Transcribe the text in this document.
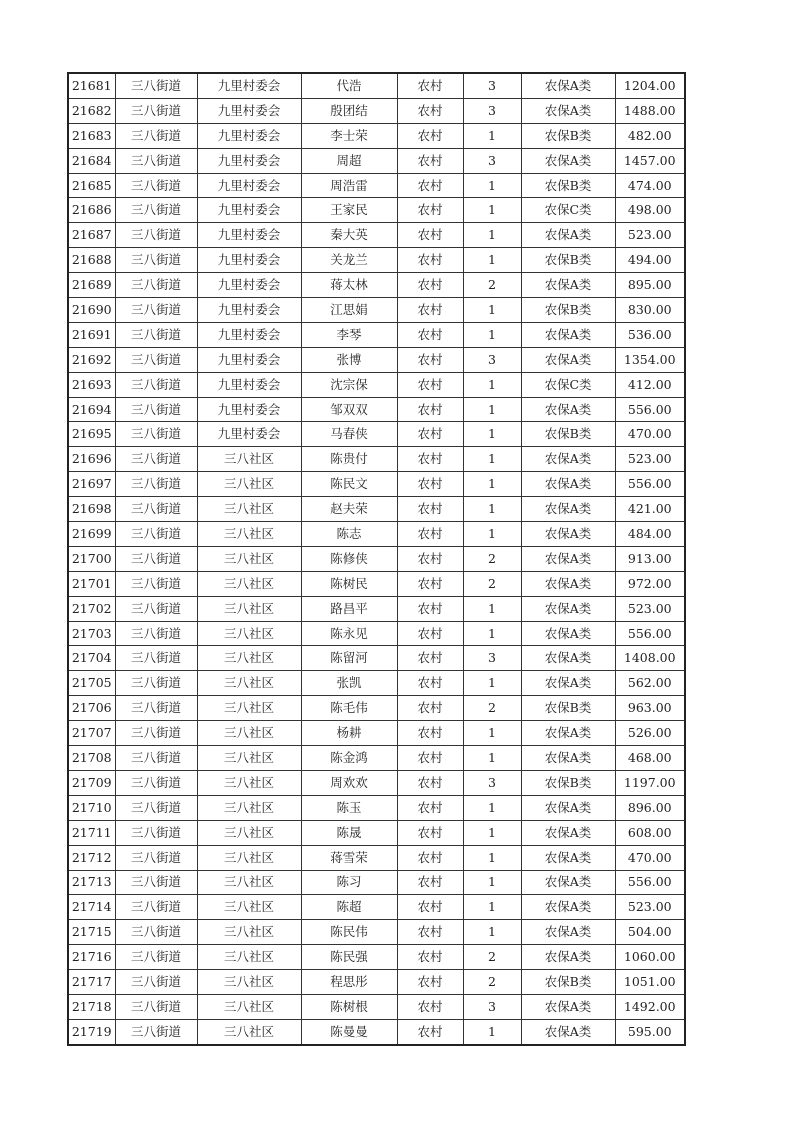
21681	三八街道	九里村委会	代浩	农村	3	农保A类	1204.00
21682	三八街道	九里村委会	殷团结	农村	3	农保A类	1488.00
21683	三八街道	九里村委会	李士荣	农村	1	农保B类	482.00
21684	三八街道	九里村委会	周超	农村	3	农保A类	1457.00
21685	三八街道	九里村委会	周浩雷	农村	1	农保B类	474.00
21686	三八街道	九里村委会	王家民	农村	1	农保C类	498.00
21687	三八街道	九里村委会	秦大英	农村	1	农保A类	523.00
21688	三八街道	九里村委会	关龙兰	农村	1	农保B类	494.00
21689	三八街道	九里村委会	蒋太林	农村	2	农保A类	895.00
21690	三八街道	九里村委会	江思娟	农村	1	农保B类	830.00
21691	三八街道	九里村委会	李琴	农村	1	农保A类	536.00
21692	三八街道	九里村委会	张博	农村	3	农保A类	1354.00
21693	三八街道	九里村委会	沈宗保	农村	1	农保C类	412.00
21694	三八街道	九里村委会	邹双双	农村	1	农保A类	556.00
21695	三八街道	九里村委会	马春侠	农村	1	农保B类	470.00
21696	三八街道	三八社区	陈贵付	农村	1	农保A类	523.00
21697	三八街道	三八社区	陈民文	农村	1	农保A类	556.00
21698	三八街道	三八社区	赵夫荣	农村	1	农保A类	421.00
21699	三八街道	三八社区	陈志	农村	1	农保A类	484.00
21700	三八街道	三八社区	陈修侠	农村	2	农保A类	913.00
21701	三八街道	三八社区	陈树民	农村	2	农保A类	972.00
21702	三八街道	三八社区	路昌平	农村	1	农保A类	523.00
21703	三八街道	三八社区	陈永见	农村	1	农保A类	556.00
21704	三八街道	三八社区	陈留河	农村	3	农保A类	1408.00
21705	三八街道	三八社区	张凯	农村	1	农保A类	562.00
21706	三八街道	三八社区	陈毛伟	农村	2	农保B类	963.00
21707	三八街道	三八社区	杨耕	农村	1	农保A类	526.00
21708	三八街道	三八社区	陈金鸿	农村	1	农保A类	468.00
21709	三八街道	三八社区	周欢欢	农村	3	农保B类	1197.00
21710	三八街道	三八社区	陈玉	农村	1	农保A类	896.00
21711	三八街道	三八社区	陈晟	农村	1	农保A类	608.00
21712	三八街道	三八社区	蒋雪荣	农村	1	农保A类	470.00
21713	三八街道	三八社区	陈习	农村	1	农保A类	556.00
21714	三八街道	三八社区	陈超	农村	1	农保A类	523.00
21715	三八街道	三八社区	陈民伟	农村	1	农保A类	504.00
21716	三八街道	三八社区	陈民强	农村	2	农保A类	1060.00
21717	三八街道	三八社区	程思彤	农村	2	农保B类	1051.00
21718	三八街道	三八社区	陈树根	农村	3	农保A类	1492.00
21719	三八街道	三八社区	陈曼曼	农村	1	农保A类	595.00
